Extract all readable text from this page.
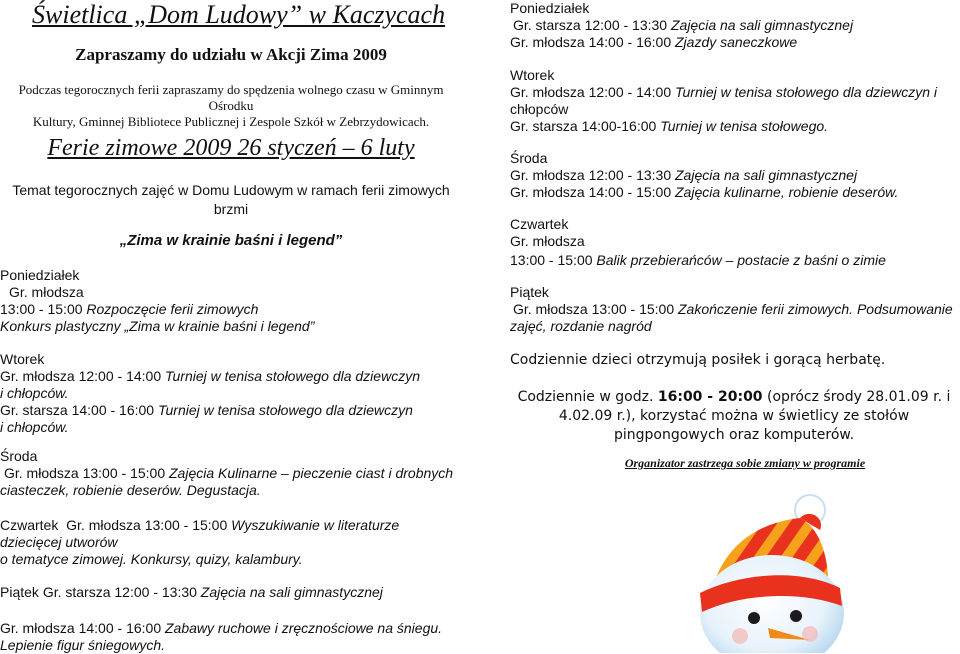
Świetlica „Dom Ludowy” w Kaczycach
Zapraszamy do udziału w Akcji Zima 2009
Podczas tegorocznych ferii zapraszamy do spędzenia wolnego czasu w Gminnym Ośrodku
Kultury, Gminnej Bibliotece Publicznej i Zespole Szkół w Zebrzydowicach.
Ferie zimowe 2009 26 styczeń – 6 luty
Temat tegorocznych zajęć w Domu Ludowym w ramach ferii zimowych
brzmi
„Zima w krainie baśni i legend”
Poniedziałek
Gr. młodsza
13:00 - 15:00 Rozpoczęcie ferii zimowych
Konkurs plastyczny „Zima w krainie baśni i legend”
Wtorek
Gr. młodsza 12:00 - 14:00 Turniej w tenisa stołowego dla dziewczyn
i chłopców.
Gr. starsza 14:00 - 16:00 Turniej w tenisa stołowego dla dziewczyn
i chłopców.
Środa
Gr. młodsza 13:00 - 15:00 Zajęcia Kulinarne – pieczenie ciast i drobnych
ciasteczek, robienie deserów. Degustacja.
Czwartek Gr. młodsza 13:00 - 15:00 Wyszukiwanie w literaturze
dziecięcej utworów
o tematyce zimowej. Konkursy, quizy, kalambury.
Piątek Gr. starsza 12:00 - 13:30 Zajęcia na sali gimnastycznej
Gr. młodsza 14:00 - 16:00 Zabawy ruchowe i zręcznościowe na śniegu.
Lepienie figur śniegowych.
Poniedziałek
Gr. starsza 12:00 - 13:30 Zajęcia na sali gimnastycznej
Gr. młodsza 14:00 - 16:00 Zjazdy saneczkowe
Wtorek
Gr. młodsza 12:00 - 14:00 Turniej w tenisa stołowego dla dziewczyn i
chłopców
Gr. starsza 14:00-16:00 Turniej w tenisa stołowego.
Środa
Gr. młodsza 12:00 - 13:30 Zajęcia na sali gimnastycznej
Gr. młodsza 14:00 - 15:00 Zajęcia kulinarne, robienie deserów.
Czwartek
Gr. młodsza
13:00 - 15:00 Balik przebierańców – postacie z baśni o zimie
Piątek
Gr. młodsza 13:00 - 15:00 Zakończenie ferii zimowych. Podsumowanie
zajęć, rozdanie nagród
Codziennie dzieci otrzymują posiłek i gorącą herbatę.
Codziennie w godz. 16:00 - 20:00 (oprócz środy 28.01.09 r. i
4.02.09 r.), korzystać można w świetlicy ze stołów
pingpongowych oraz komputerów.
Organizator zastrzega sobie zmiany w programie
